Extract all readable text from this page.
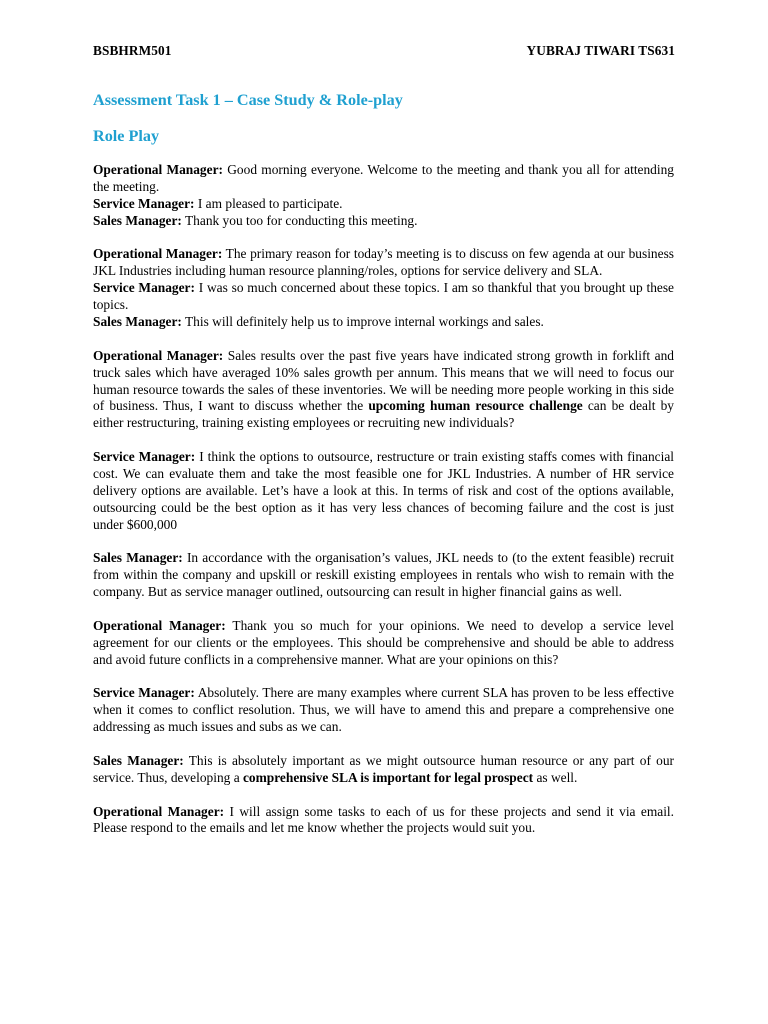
BSBHRM501	YUBRAJ TIWARI TS631
Assessment Task 1 – Case Study & Role-play
Role Play

Operational Manager: Good morning everyone. Welcome to the meeting and thank you all for attending the meeting.

Service Manager: I am pleased to participate.

Sales Manager: Thank you too for conducting this meeting.

Operational Manager: The primary reason for today’s meeting is to discuss on few agenda at our business JKL Industries including human resource planning/roles, options for service delivery and SLA.

Service Manager: I was so much concerned about these topics. I am so thankful that you brought up these topics.

Sales Manager: This will definitely help us to improve internal workings and sales.

Operational Manager: Sales results over the past five years have indicated strong growth in forklift and truck sales which have averaged 10% sales growth per annum. This means that we will need to focus our human resource towards the sales of these inventories. We will be needing more people working in this side of business. Thus, I want to discuss whether the upcoming human resource challenge can be dealt by either restructuring, training existing employees or recruiting new individuals?

Service Manager: I think the options to outsource, restructure or train existing staffs comes with financial cost. We can evaluate them and take the most feasible one for JKL Industries. A number of HR service delivery options are available. Let’s have a look at this. In terms of risk and cost of the options available, outsourcing could be the best option as it has very less chances of becoming failure and the cost is just under $600,000

Sales Manager: In accordance with the organisation’s values, JKL needs to (to the extent feasible) recruit from within the company and upskill or reskill existing employees in rentals who wish to remain with the company. But as service manager outlined, outsourcing can result in higher financial gains as well.

Operational Manager: Thank you so much for your opinions. We need to develop a service level agreement for our clients or the employees. This should be comprehensive and should be able to address and avoid future conflicts in a comprehensive manner. What are your opinions on this?

Service Manager: Absolutely. There are many examples where current SLA has proven to be less effective when it comes to conflict resolution. Thus, we will have to amend this and prepare a comprehensive one addressing as much issues and subs as we can.

Sales Manager: This is absolutely important as we might outsource human resource or any part of our service. Thus, developing a comprehensive SLA is important for legal prospect as well.

Operational Manager: I will assign some tasks to each of us for these projects and send it via email. Please respond to the emails and let me know whether the projects would suit you.
